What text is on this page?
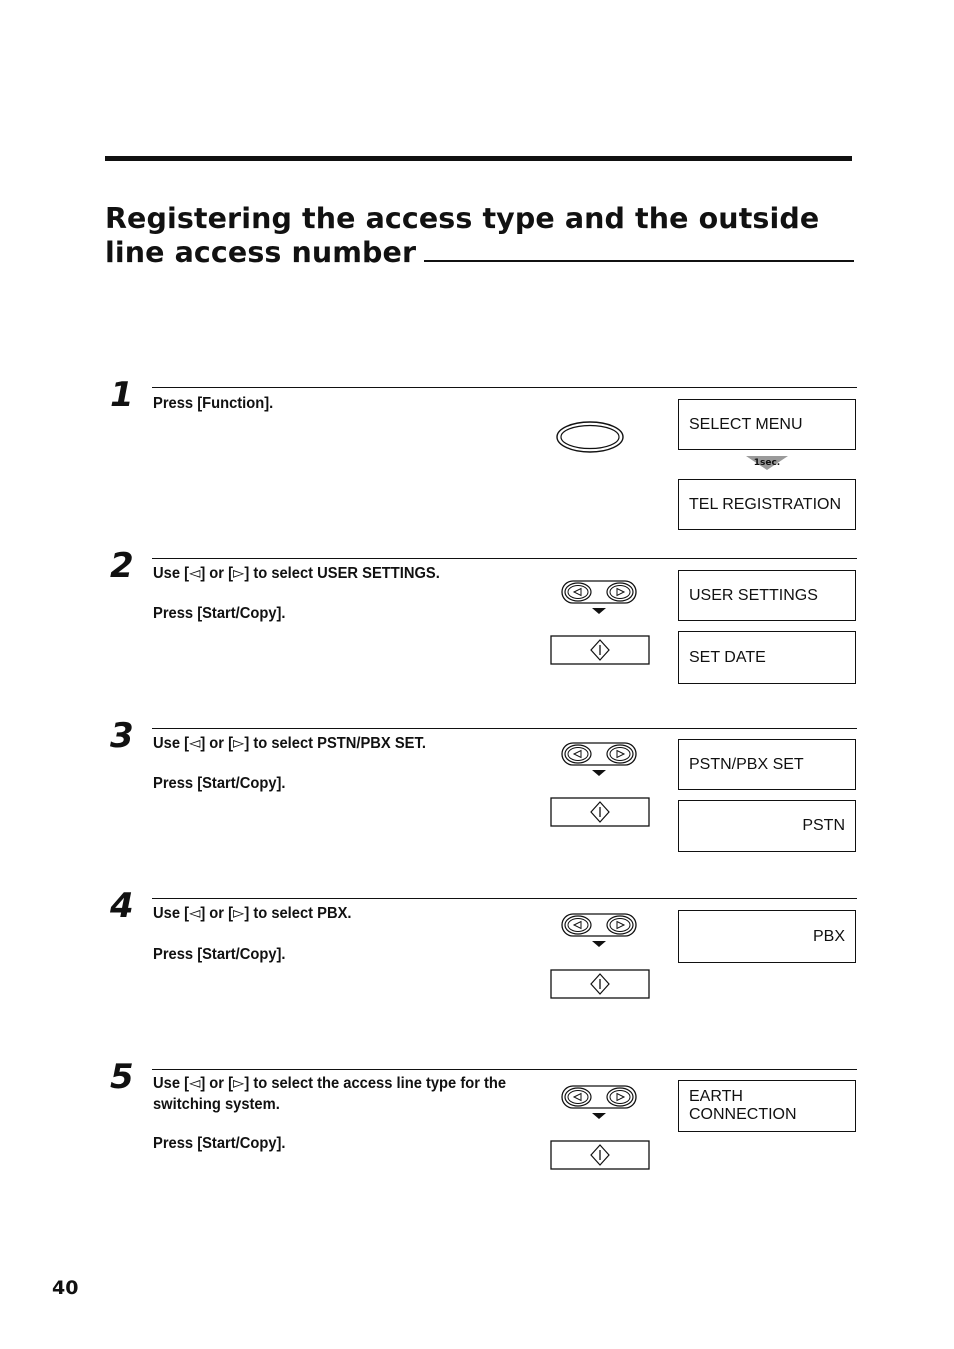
Registering the access type and the outside
line access number
1	Press [Function].
SELECT MENU
1sec.
TEL REGISTRATION
2	Use [◅] or [▻] to select USER SETTINGS.
Press [Start/Copy].
USER SETTINGS
SET DATE
3	Use [◅] or [▻] to select PSTN/PBX SET.
Press [Start/Copy].
PSTN/PBX SET
PSTN
4	Use [◅] or [▻] to select PBX.
Press [Start/Copy].
PBX
5	Use [◅] or [▻] to select the access line type for the switching system.
Press [Start/Copy].
EARTH CONNECTION
40
